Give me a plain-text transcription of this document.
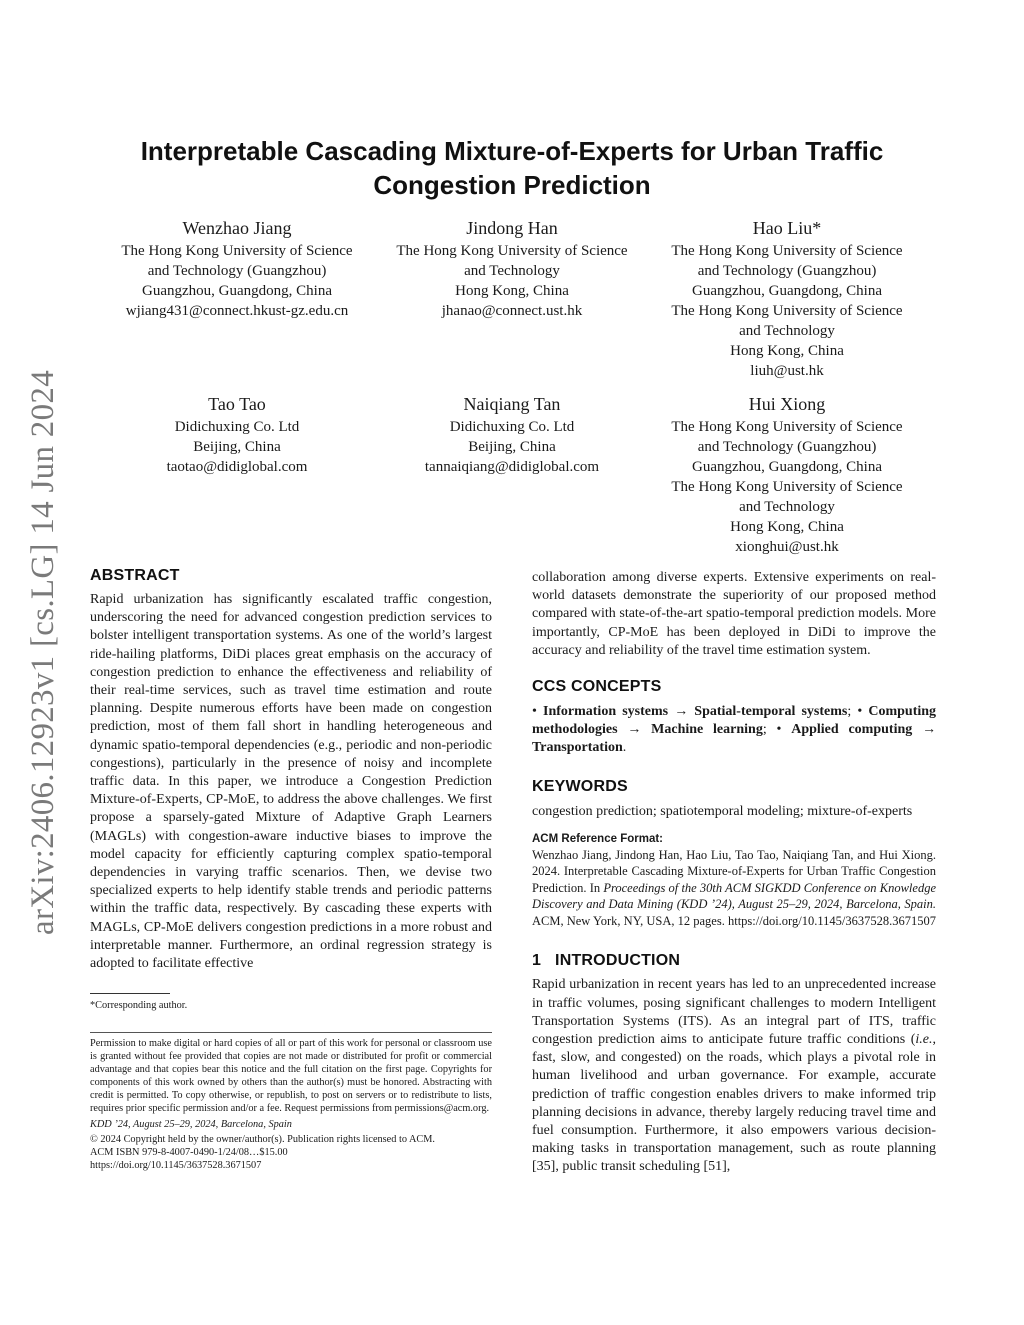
arXiv:2406.12923v1 [cs.LG] 14 Jun 2024
Interpretable Cascading Mixture-of-Experts for Urban Traffic Congestion Prediction
Wenzhao Jiang
The Hong Kong University of Science
and Technology (Guangzhou)
Guangzhou, Guangdong, China
wjiang431@connect.hkust-gz.edu.cn
Jindong Han
The Hong Kong University of Science
and Technology
Hong Kong, China
jhanao@connect.ust.hk
Hao Liu*
The Hong Kong University of Science
and Technology (Guangzhou)
Guangzhou, Guangdong, China
The Hong Kong University of Science
and Technology
Hong Kong, China
liuh@ust.hk
Tao Tao
Didichuxing Co. Ltd
Beijing, China
taotao@didiglobal.com
Naiqiang Tan
Didichuxing Co. Ltd
Beijing, China
tannaiqiang@didiglobal.com
Hui Xiong
The Hong Kong University of Science
and Technology (Guangzhou)
Guangzhou, Guangdong, China
The Hong Kong University of Science
and Technology
Hong Kong, China
xionghui@ust.hk
ABSTRACT
Rapid urbanization has significantly escalated traffic congestion, underscoring the need for advanced congestion prediction services to bolster intelligent transportation systems. As one of the world’s largest ride-hailing platforms, DiDi places great emphasis on the accuracy of congestion prediction to enhance the effectiveness and reliability of their real-time services, such as travel time estimation and route planning. Despite numerous efforts have been made on congestion prediction, most of them fall short in handling heterogeneous and dynamic spatio-temporal dependencies (e.g., periodic and non-periodic congestions), particularly in the presence of noisy and incomplete traffic data. In this paper, we introduce a Congestion Prediction Mixture-of-Experts, CP-MoE, to address the above challenges. We first propose a sparsely-gated Mixture of Adaptive Graph Learners (MAGLs) with congestion-aware inductive biases to improve the model capacity for efficiently capturing complex spatio-temporal dependencies in varying traffic scenarios. Then, we devise two specialized experts to help identify stable trends and periodic patterns within the traffic data, respectively. By cascading these experts with MAGLs, CP-MoE delivers congestion predictions in a more robust and interpretable manner. Furthermore, an ordinal regression strategy is adopted to facilitate effective
*Corresponding author.
Permission to make digital or hard copies of all or part of this work for personal or classroom use is granted without fee provided that copies are not made or distributed for profit or commercial advantage and that copies bear this notice and the full citation on the first page. Copyrights for components of this work owned by others than the author(s) must be honored. Abstracting with credit is permitted. To copy otherwise, or republish, to post on servers or to redistribute to lists, requires prior specific permission and/or a fee. Request permissions from permissions@acm.org.
KDD ’24, August 25–29, 2024, Barcelona, Spain
© 2024 Copyright held by the owner/author(s). Publication rights licensed to ACM.
ACM ISBN 979-8-4007-0490-1/24/08…$15.00
https://doi.org/10.1145/3637528.3671507
collaboration among diverse experts. Extensive experiments on real-world datasets demonstrate the superiority of our proposed method compared with state-of-the-art spatio-temporal prediction models. More importantly, CP-MoE has been deployed in DiDi to improve the accuracy and reliability of the travel time estimation system.
CCS CONCEPTS
• Information systems → Spatial-temporal systems; • Computing methodologies → Machine learning; • Applied computing → Transportation.
KEYWORDS
congestion prediction; spatiotemporal modeling; mixture-of-experts
ACM Reference Format:
Wenzhao Jiang, Jindong Han, Hao Liu, Tao Tao, Naiqiang Tan, and Hui Xiong. 2024. Interpretable Cascading Mixture-of-Experts for Urban Traffic Congestion Prediction. In Proceedings of the 30th ACM SIGKDD Conference on Knowledge Discovery and Data Mining (KDD ’24), August 25–29, 2024, Barcelona, Spain. ACM, New York, NY, USA, 12 pages. https://doi.org/10.1145/3637528.3671507
1 INTRODUCTION
Rapid urbanization in recent years has led to an unprecedented increase in traffic volumes, posing significant challenges to modern Intelligent Transportation Systems (ITS). As an integral part of ITS, traffic congestion prediction aims to anticipate future traffic conditions (i.e., fast, slow, and congested) on the roads, which plays a pivotal role in human livelihood and urban governance. For example, accurate prediction of traffic congestion enables drivers to make informed trip planning decisions in advance, thereby largely reducing travel time and fuel consumption. Furthermore, it also empowers various decision-making tasks in transportation management, such as route planning [35], public transit scheduling [51],
